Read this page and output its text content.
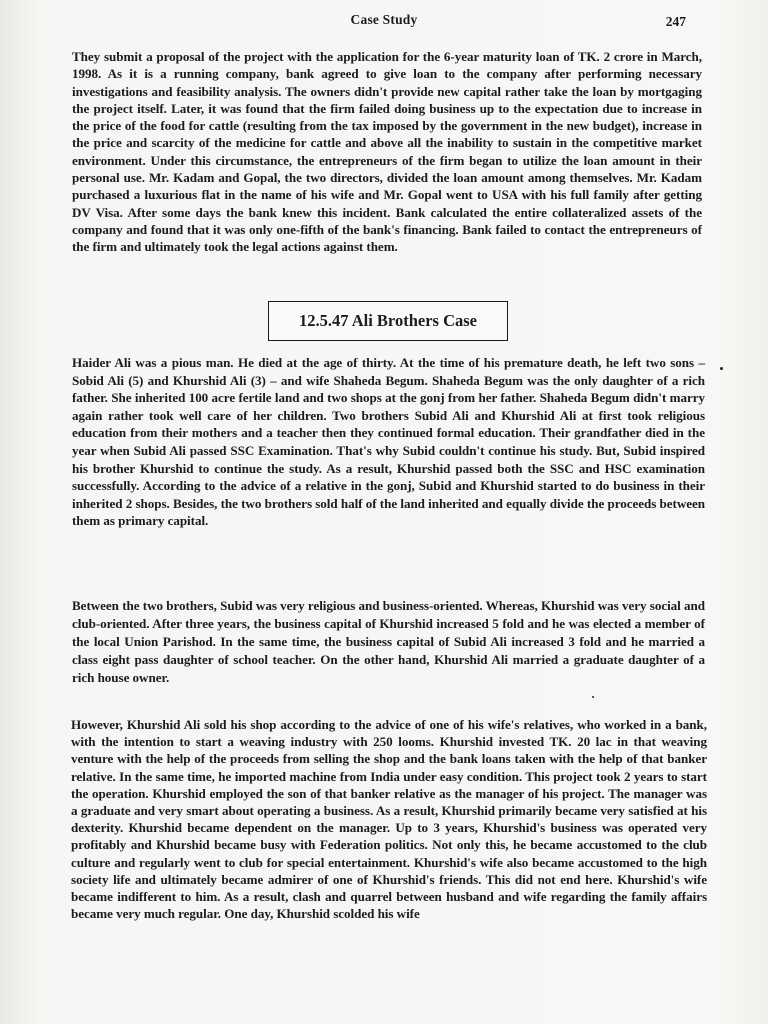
Case Study	247

They submit a proposal of the project with the application for the 6-year maturity loan of TK. 2 crore in March, 1998. As it is a running company, bank agreed to give loan to the company after performing necessary investigations and feasibility analysis. The owners didn't provide new capital rather take the loan by mortgaging the project itself. Later, it was found that the firm failed doing business up to the expectation due to increase in the price of the food for cattle (resulting from the tax imposed by the government in the new budget), increase in the price and scarcity of the medicine for cattle and above all the inability to sustain in the competitive market environment. Under this circumstance, the entrepreneurs of the firm began to utilize the loan amount in their personal use. Mr. Kadam and Gopal, the two directors, divided the loan amount among themselves. Mr. Kadam purchased a luxurious flat in the name of his wife and Mr. Gopal went to USA with his full family after getting DV Visa. After some days the bank knew this incident. Bank calculated the entire collateralized assets of the company and found that it was only one-fifth of the bank's financing. Bank failed to contact the entrepreneurs of the firm and ultimately took the legal actions against them.

12.5.47 Ali Brothers Case

Haider Ali was a pious man. He died at the age of thirty. At the time of his premature death, he left two sons – Sobid Ali (5) and Khurshid Ali (3) – and wife Shaheda Begum. Shaheda Begum was the only daughter of a rich father. She inherited 100 acre fertile land and two shops at the gonj from her father. Shaheda Begum didn't marry again rather took well care of her children. Two brothers Subid Ali and Khurshid Ali at first took religious education from their mothers and a teacher then they continued formal education. Their grandfather died in the year when Subid Ali passed SSC Examination. That's why Subid couldn't continue his study. But, Subid inspired his brother Khurshid to continue the study. As a result, Khurshid passed both the SSC and HSC examination successfully. According to the advice of a relative in the gonj, Subid and Khurshid started to do business in their inherited 2 shops. Besides, the two brothers sold half of the land inherited and equally divide the proceeds between them as primary capital.

Between the two brothers, Subid was very religious and business-oriented. Whereas, Khurshid was very social and club-oriented. After three years, the business capital of Khurshid increased 5 fold and he was elected a member of the local Union Parishod. In the same time, the business capital of Subid Ali increased 3 fold and he married a class eight pass daughter of school teacher. On the other hand, Khurshid Ali married a graduate daughter of a rich house owner.

However, Khurshid Ali sold his shop according to the advice of one of his wife's relatives, who worked in a bank, with the intention to start a weaving industry with 250 looms. Khurshid invested TK. 20 lac in that weaving venture with the help of the proceeds from selling the shop and the bank loans taken with the help of that banker relative. In the same time, he imported machine from India under easy condition. This project took 2 years to start the operation. Khurshid employed the son of that banker relative as the manager of his project. The manager was a graduate and very smart about operating a business. As a result, Khurshid primarily became very satisfied at his dexterity. Khurshid became dependent on the manager. Up to 3 years, Khurshid's business was operated very profitably and Khurshid became busy with Federation politics. Not only this, he became accustomed to the club culture and regularly went to club for special entertainment. Khurshid's wife also became accustomed to the high society life and ultimately became admirer of one of Khurshid's friends. This did not end here. Khurshid's wife became indifferent to him. As a result, clash and quarrel between husband and wife regarding the family affairs became very much regular. One day, Khurshid scolded his wife
